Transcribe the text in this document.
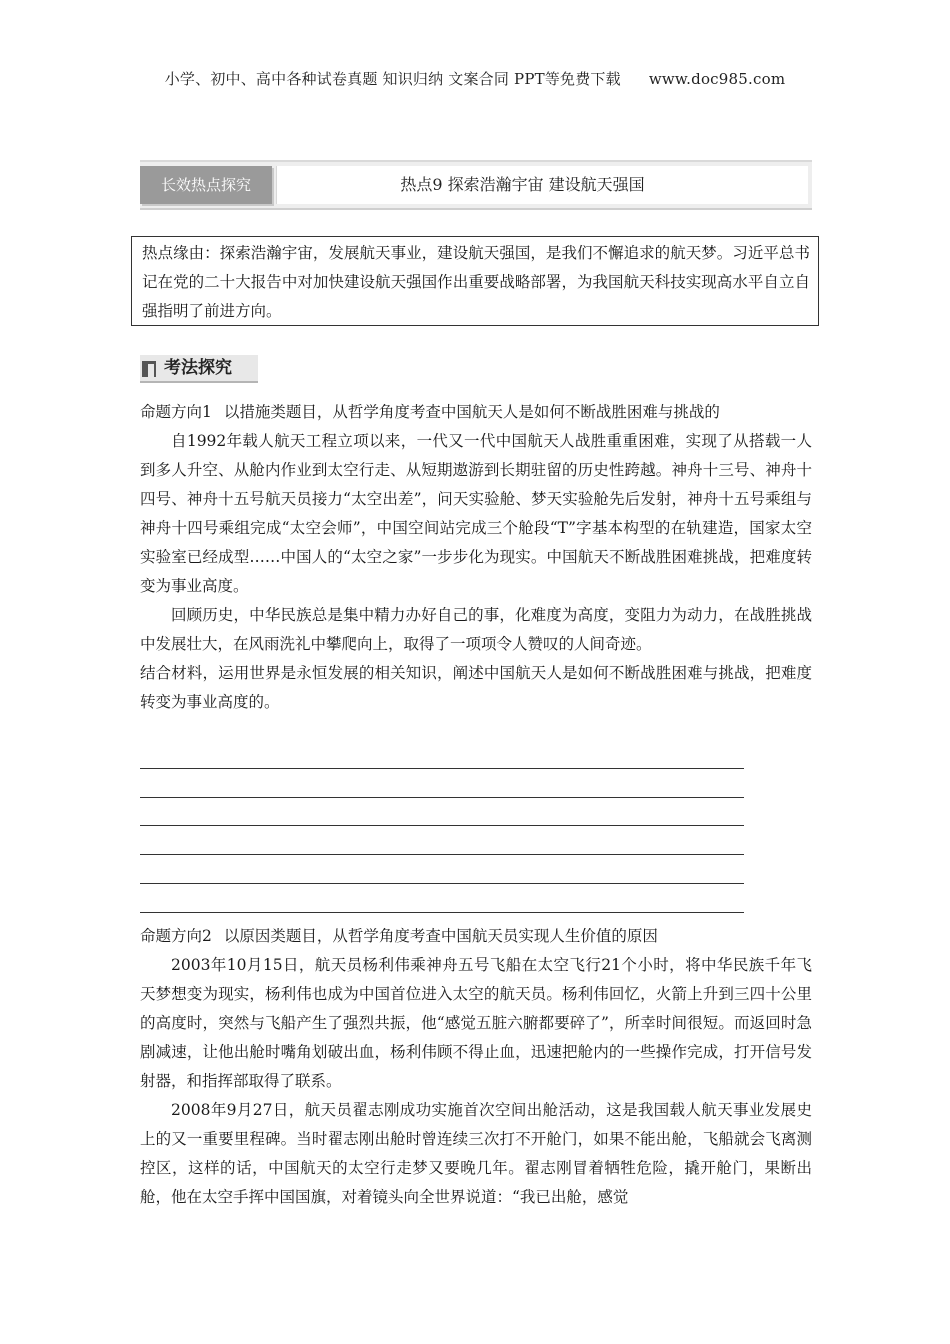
小学、初中、高中各种试卷真题 知识归纳 文案合同 PPT等免费下载 www.doc985.com
长效热点探究	热点9 探索浩瀚宇宙 建设航天强国
热点缘由：探索浩瀚宇宙，发展航天事业，建设航天强国，是我们不懈追求的航天梦。习近平总书记在党的二十大报告中对加快建设航天强国作出重要战略部署，为我国航天科技实现高水平自立自强指明了前进方向。
考法探究
命题方向1 以措施类题目，从哲学角度考查中国航天人是如何不断战胜困难与挑战的

自1992年载人航天工程立项以来，一代又一代中国航天人战胜重重困难，实现了从搭载一人到多人升空、从舱内作业到太空行走、从短期遨游到长期驻留的历史性跨越。神舟十三号、神舟十四号、神舟十五号航天员接力“太空出差”，问天实验舱、梦天实验舱先后发射，神舟十五号乘组与神舟十四号乘组完成“太空会师”，中国空间站完成三个舱段“T”字基本构型的在轨建造，国家太空实验室已经成型……中国人的“太空之家”一步步化为现实。中国航天不断战胜困难挑战，把难度转变为事业高度。

回顾历史，中华民族总是集中精力办好自己的事，化难度为高度，变阻力为动力，在战胜挑战中发展壮大，在风雨洗礼中攀爬向上，取得了一项项令人赞叹的人间奇迹。

结合材料，运用世界是永恒发展的相关知识，阐述中国航天人是如何不断战胜困难与挑战，把难度转变为事业高度的。

命题方向2 以原因类题目，从哲学角度考查中国航天员实现人生价值的原因

2003年10月15日，航天员杨利伟乘神舟五号飞船在太空飞行21个小时，将中华民族千年飞天梦想变为现实，杨利伟也成为中国首位进入太空的航天员。杨利伟回忆，火箭上升到三四十公里的高度时，突然与飞船产生了强烈共振，他“感觉五脏六腑都要碎了”，所幸时间很短。而返回时急剧减速，让他出舱时嘴角划破出血，杨利伟顾不得止血，迅速把舱内的一些操作完成，打开信号发射器，和指挥部取得了联系。

2008年9月27日，航天员翟志刚成功实施首次空间出舱活动，这是我国载人航天事业发展史上的又一重要里程碑。当时翟志刚出舱时曾连续三次打不开舱门，如果不能出舱，飞船就会飞离测控区，这样的话，中国航天的太空行走梦又要晚几年。翟志刚冒着牺牲危险，撬开舱门，果断出舱，他在太空手挥中国国旗，对着镜头向全世界说道：“我已出舱，感觉
